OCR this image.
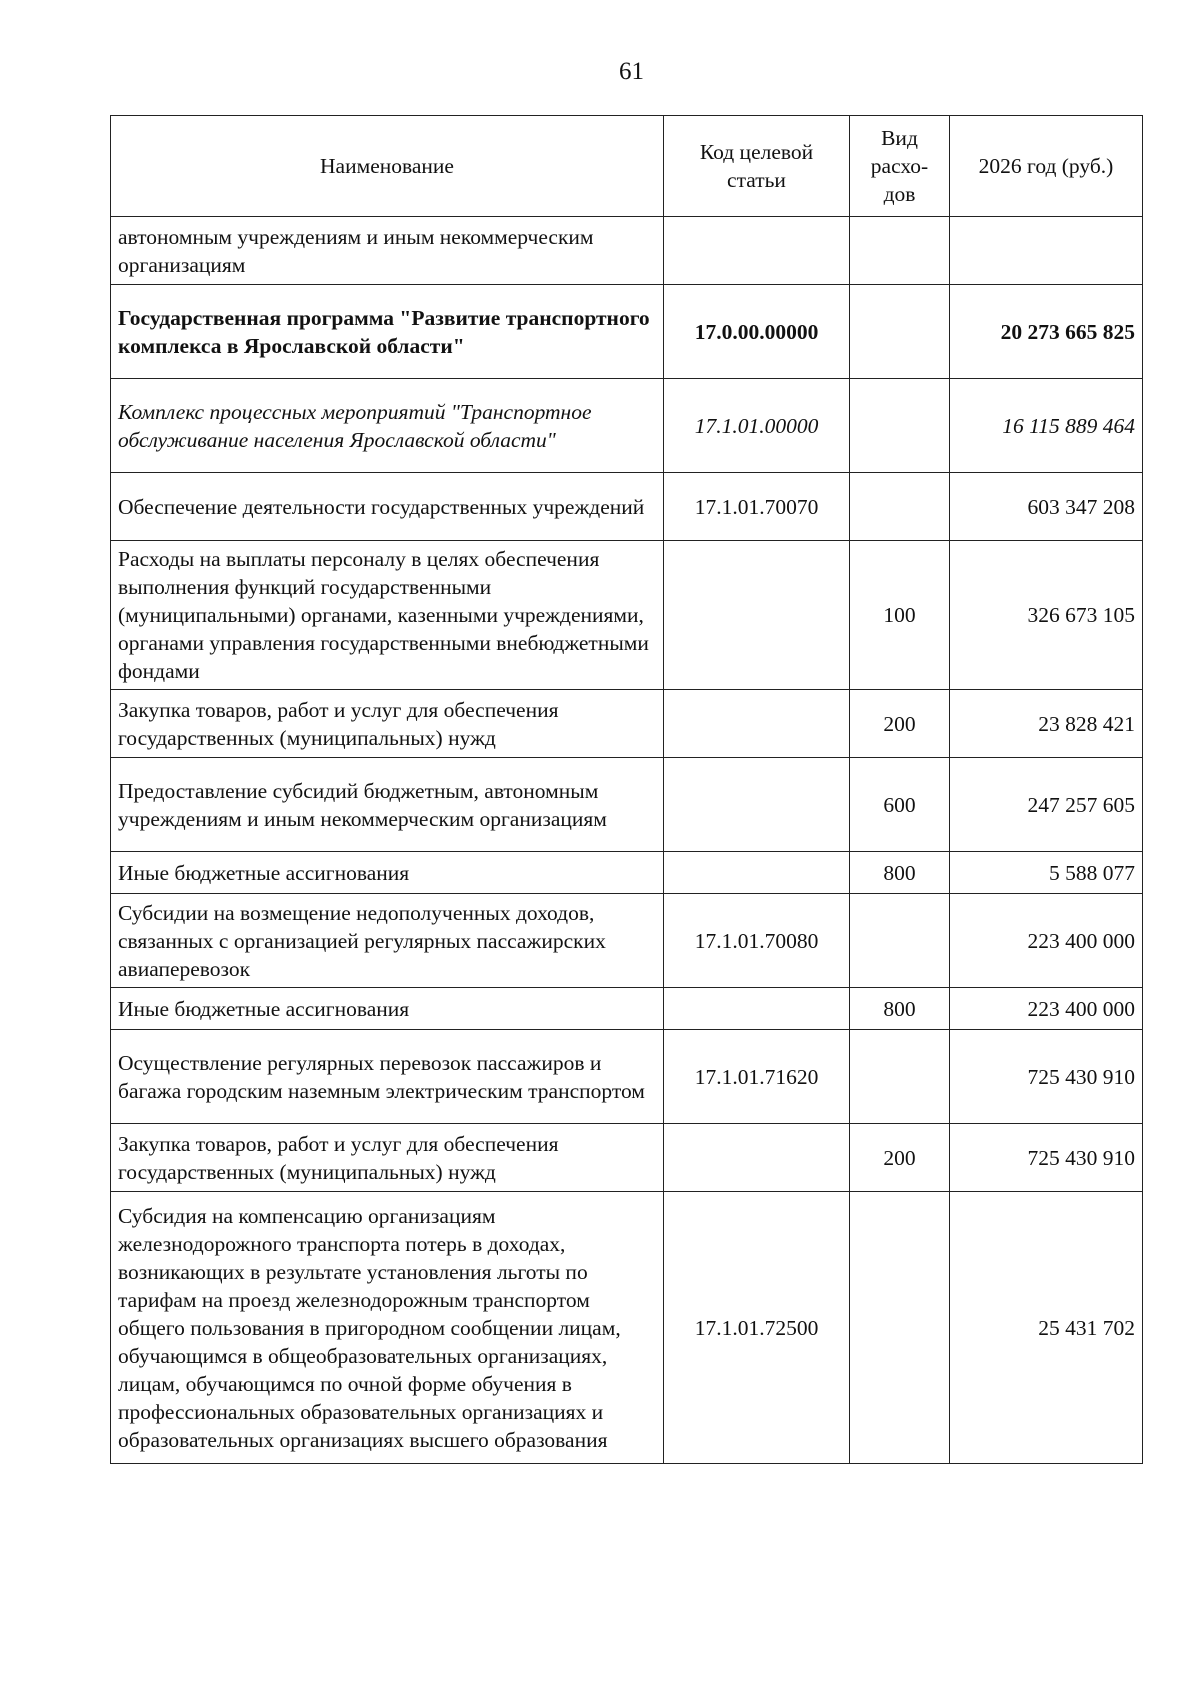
61
Наименование	Код целевой статьи	Вид расхо- дов	2026 год (руб.)
автономным учреждениям и иным некоммерческим организациям			
Государственная программа "Развитие транспортного комплекса в Ярославской области"	17.0.00.00000		20 273 665 825
Комплекс процессных мероприятий "Транспортное обслуживание населения Ярославской области"	17.1.01.00000		16 115 889 464
Обеспечение деятельности государственных учреждений	17.1.01.70070		603 347 208
Расходы на выплаты персоналу в целях обеспечения выполнения функций государственными (муниципальными) органами, казенными учреждениями, органами управления государственными внебюджетными фондами		100	326 673 105
Закупка товаров, работ и услуг для обеспечения государственных (муниципальных) нужд		200	23 828 421
Предоставление субсидий бюджетным, автономным учреждениям и иным некоммерческим организациям		600	247 257 605
Иные бюджетные ассигнования		800	5 588 077
Субсидии на возмещение недополученных доходов, связанных с организацией регулярных пассажирских авиаперевозок	17.1.01.70080		223 400 000
Иные бюджетные ассигнования		800	223 400 000
Осуществление регулярных перевозок пассажиров и багажа городским наземным электрическим транспортом	17.1.01.71620		725 430 910
Закупка товаров, работ и услуг для обеспечения государственных (муниципальных) нужд		200	725 430 910
Субсидия на компенсацию организациям железнодорожного транспорта потерь в доходах, возникающих в результате установления льготы по тарифам на проезд железнодорожным транспортом общего пользования в пригородном сообщении лицам, обучающимся в общеобразовательных организациях, лицам, обучающимся по очной форме обучения в профессиональных образовательных организациях и образовательных организациях высшего образования	17.1.01.72500		25 431 702
